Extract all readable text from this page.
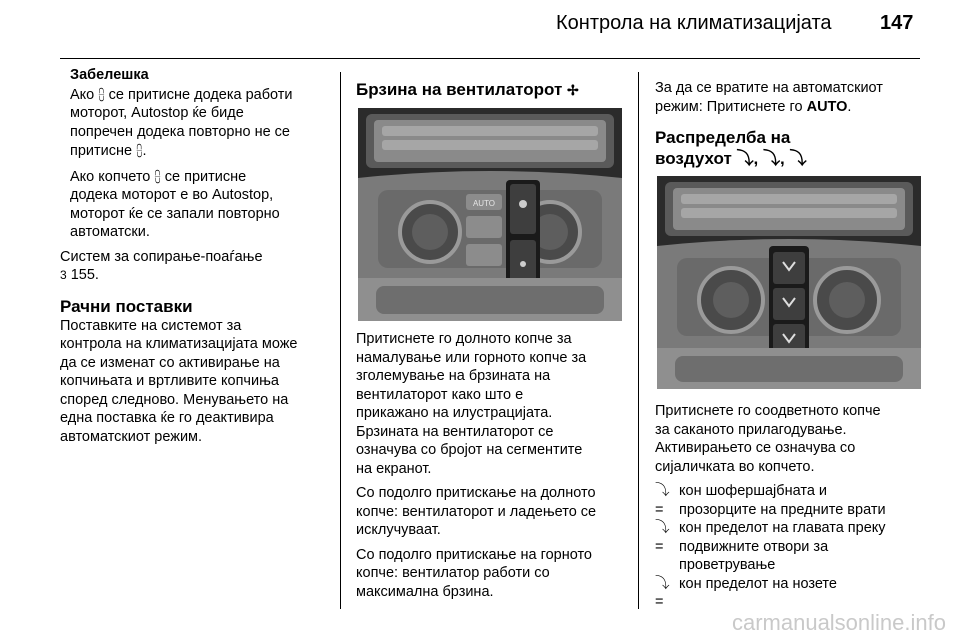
Контрола на климатизацијата 147

Забелешка

Ако ⩉ се притисне додека работи

моторот, Autostop ќе биде

попречен додека повторно не се

притисне ⩉.

Ако копчето ⩉ се притисне

додека моторот е во Autostop,

моторот ќе се запали повторно

автоматски.

Систем за сопирање-поаѓање

3 155.

Рачни поставки

Поставките на системот за

контрола на климатизацијата може

да се изменат со активирање на

копчињата и вртливите копчиња

според следново. Менувањето на

една поставка ќе го деактивира

автоматскиот режим.

Брзина на вентилаторот ✢

AUTO

Притиснете го долното копче за

намалување или горното копче за

зголемување на брзината на

вентилаторот како што е

прикажано на илустрацијата.

Брзината на вентилаторот се

означува со бројот на сегментите

на екранот.

Со подолго притискање на долното

копче: вентилаторот и ладењето се

исклучуваат.

Со подолго притискање на горното

копче: вентилатор работи со

максимална брзина.

За да се вратите на автоматскиот

режим: Притиснете го AUTO.

Распределба на

воздухот ⤵, ⤵, ⤵

Притиснете го соодветното копче

за саканото прилагодување.

Активирањето се означува со

сијаличката во копчето.

⤵ =
кон шофершајбната и
прозорците на предните врати
⤵ =
кон пределот на главата преку
подвижните отвори за
проветрување
⤵ =
кон пределот на нозете
carmanualsonline.info
